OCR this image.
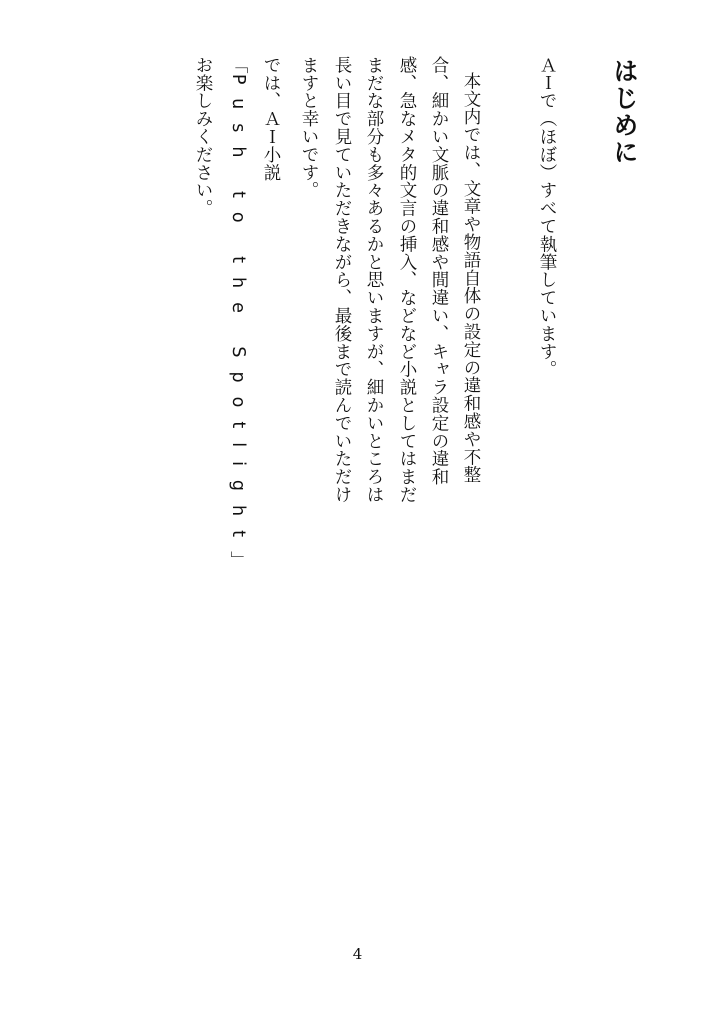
はじめに
ＡＩで（ほぼ）すべて執筆しています。
本文内では、文章や物語自体の設定の違和感や不整
合、細かい文脈の違和感や間違い、キャラ設定の違和
感、急なメタ的文言の挿入、などなど小説としてはまだ
まだな部分も多々あるかと思いますが、細かいところは
長い目で見ていただきながら、最後まで読んでいただけ
ますと幸いです。
では、ＡＩ小説
「Push to the Spotlight」
お楽しみください。
4
